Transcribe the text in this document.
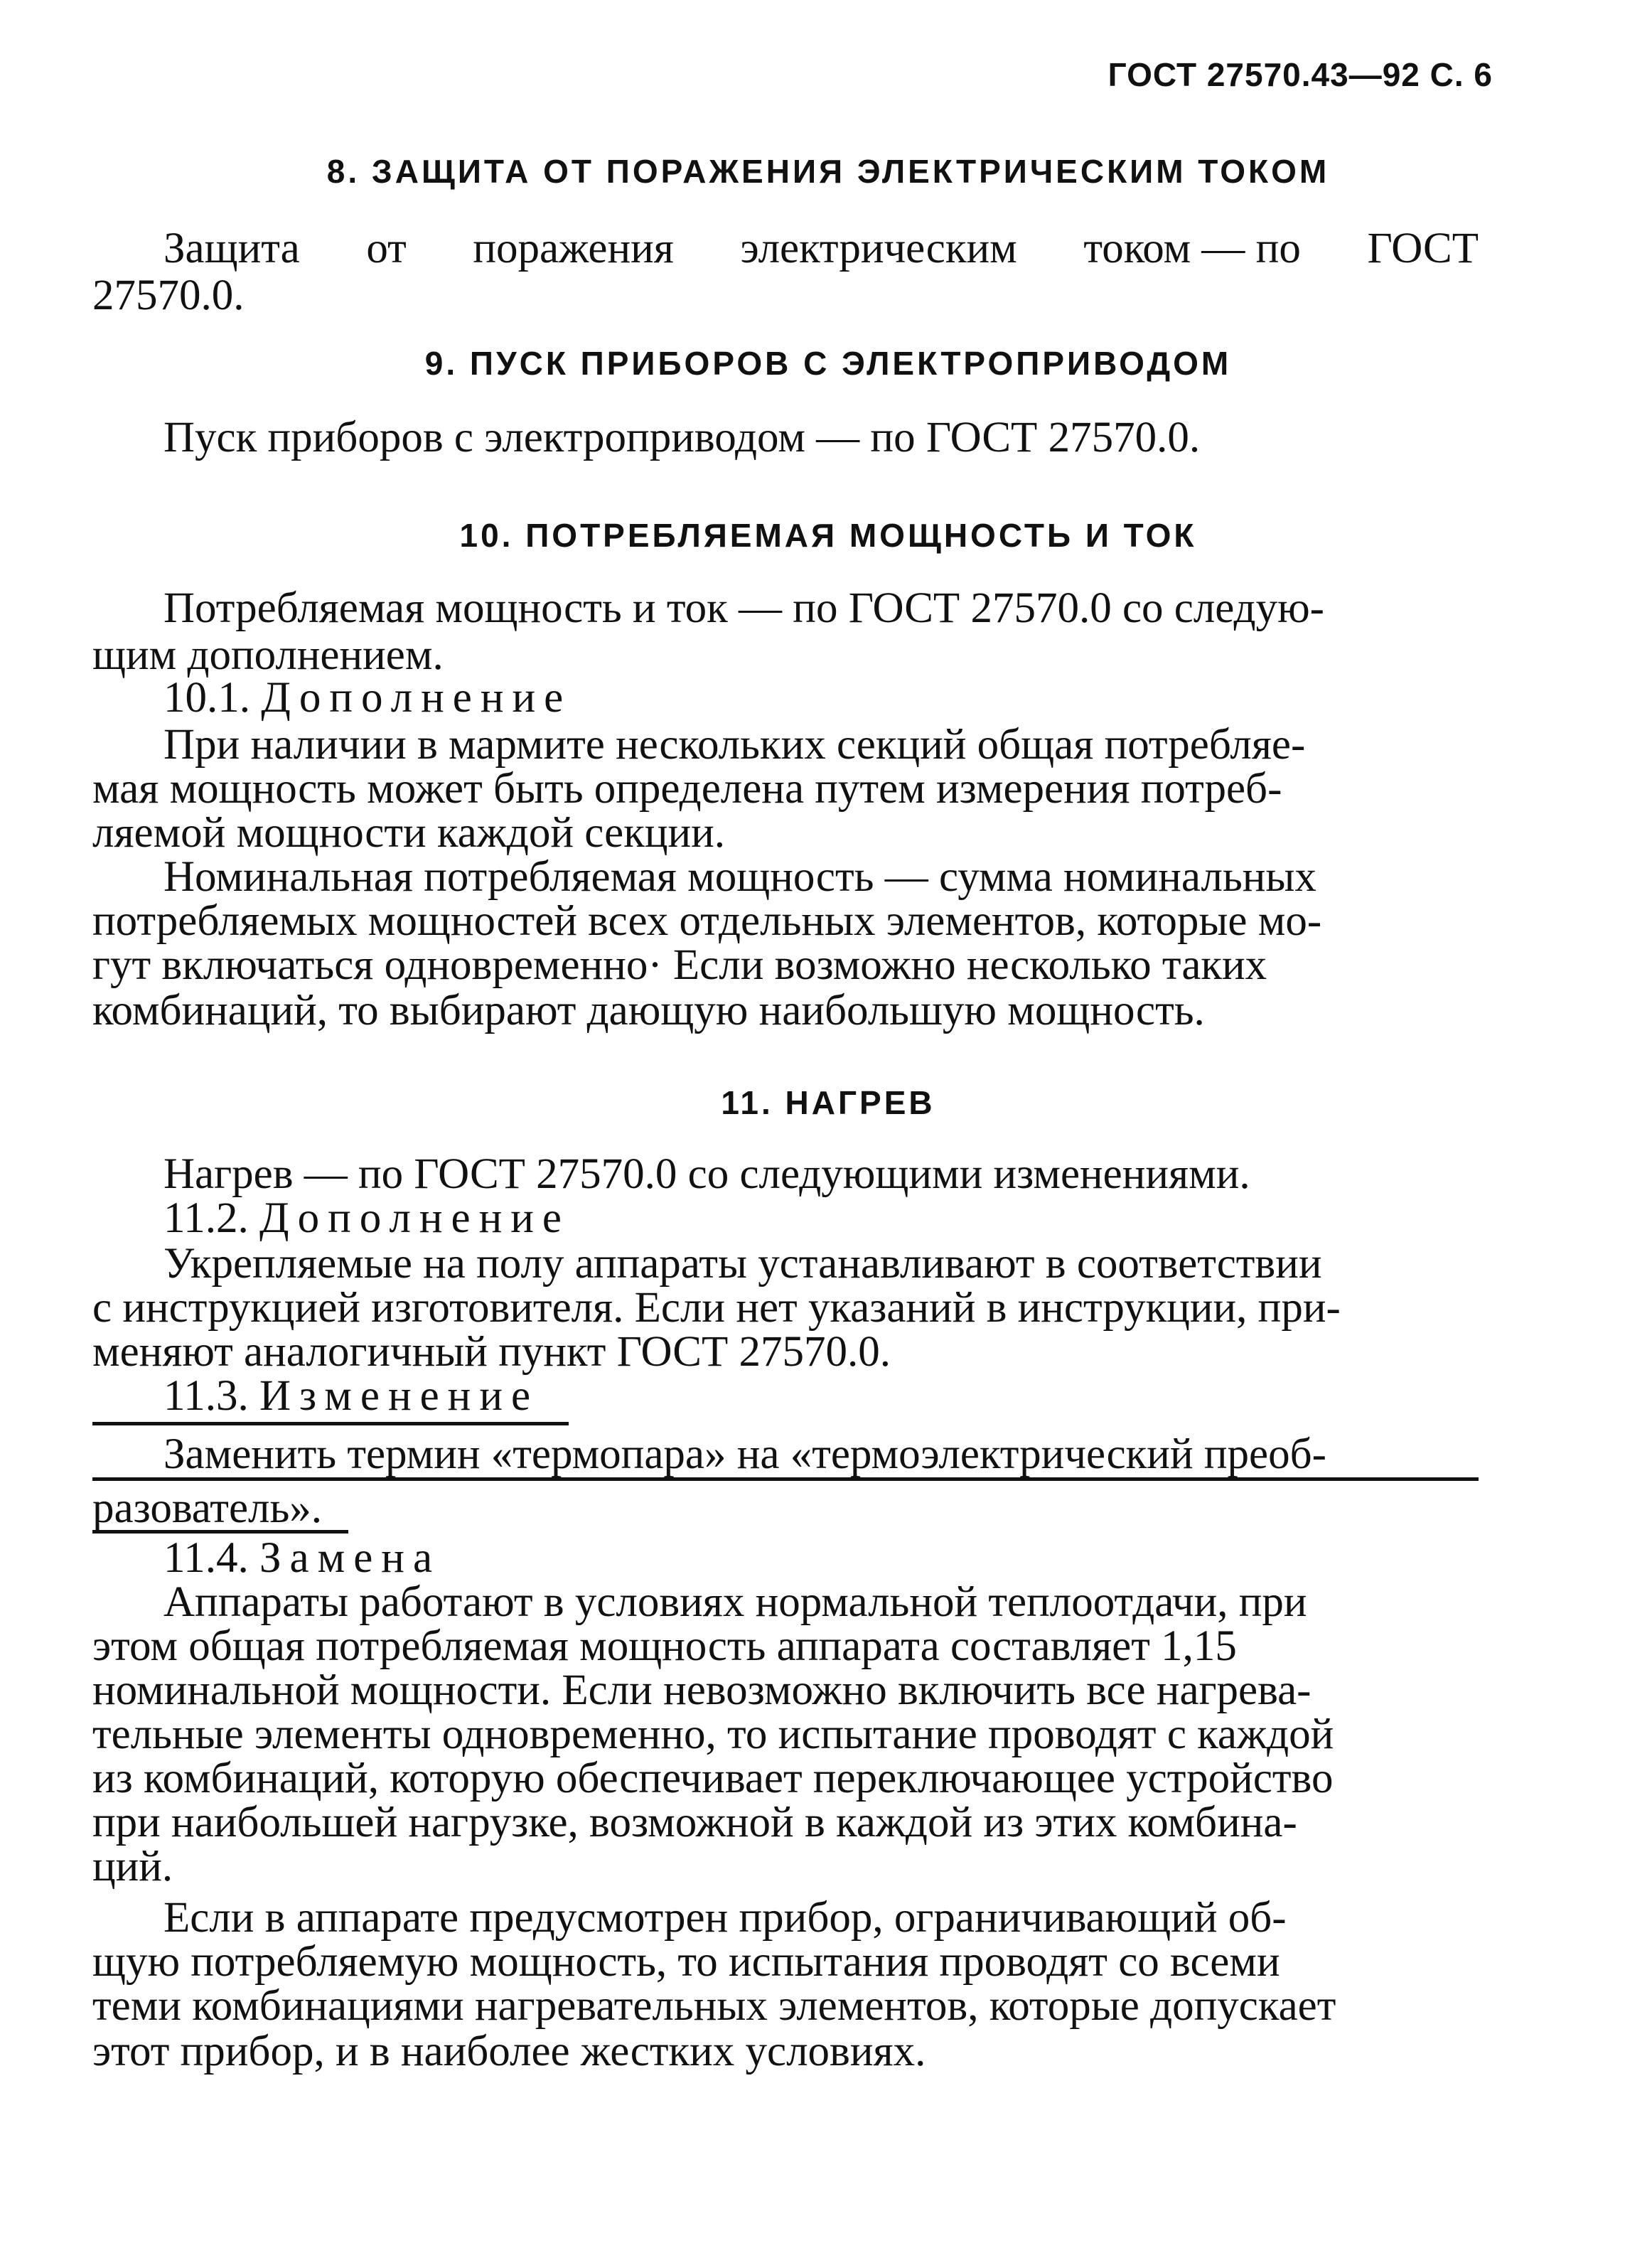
ГОСТ 27570.43—92 С. 6
8. ЗАЩИТА ОТ ПОРАЖЕНИЯ ЭЛЕКТРИЧЕСКИМ ТОКОМ
Защита от поражения электрическим током — по ГОСТ
27570.0.
9. ПУСК ПРИБОРОВ С ЭЛЕКТРОПРИВОДОМ
Пуск приборов с электроприводом — по ГОСТ 27570.0.
10. ПОТРЕБЛЯЕМАЯ МОЩНОСТЬ И ТОК
Потребляемая мощность и ток — по ГОСТ 27570.0 со следую-
щим дополнением.
10.1. Дополнение
При наличии в мармите нескольких секций общая потребляе-
мая мощность может быть определена путем измерения потреб-
ляемой мощности каждой секции.
Номинальная потребляемая мощность — сумма номинальных
потребляемых мощностей всех отдельных элементов, которые мо-
гут включаться одновременно· Если возможно несколько таких
комбинаций, то выбирают дающую наибольшую мощность.
11. НАГРЕВ
Нагрев — по ГОСТ 27570.0 со следующими изменениями.
11.2. Дополнение
Укрепляемые на полу аппараты устанавливают в соответствии
с инструкцией изготовителя. Если нет указаний в инструкции, при-
меняют аналогичный пункт ГОСТ 27570.0.
11.3. Изменение
Заменить термин «термопара» на «термоэлектрический преоб-
разователь».
11.4. Замена
Аппараты работают в условиях нормальной теплоотдачи, при
этом общая потребляемая мощность аппарата составляет 1,15
номинальной мощности. Если невозможно включить все нагрева-
тельные элементы одновременно, то испытание проводят с каждой
из комбинаций, которую обеспечивает переключающее устройство
при наибольшей нагрузке, возможной в каждой из этих комбина-
ций.
Если в аппарате предусмотрен прибор, ограничивающий об-
щую потребляемую мощность, то испытания проводят со всеми
теми комбинациями нагревательных элементов, которые допускает
этот прибор, и в наиболее жестких условиях.
